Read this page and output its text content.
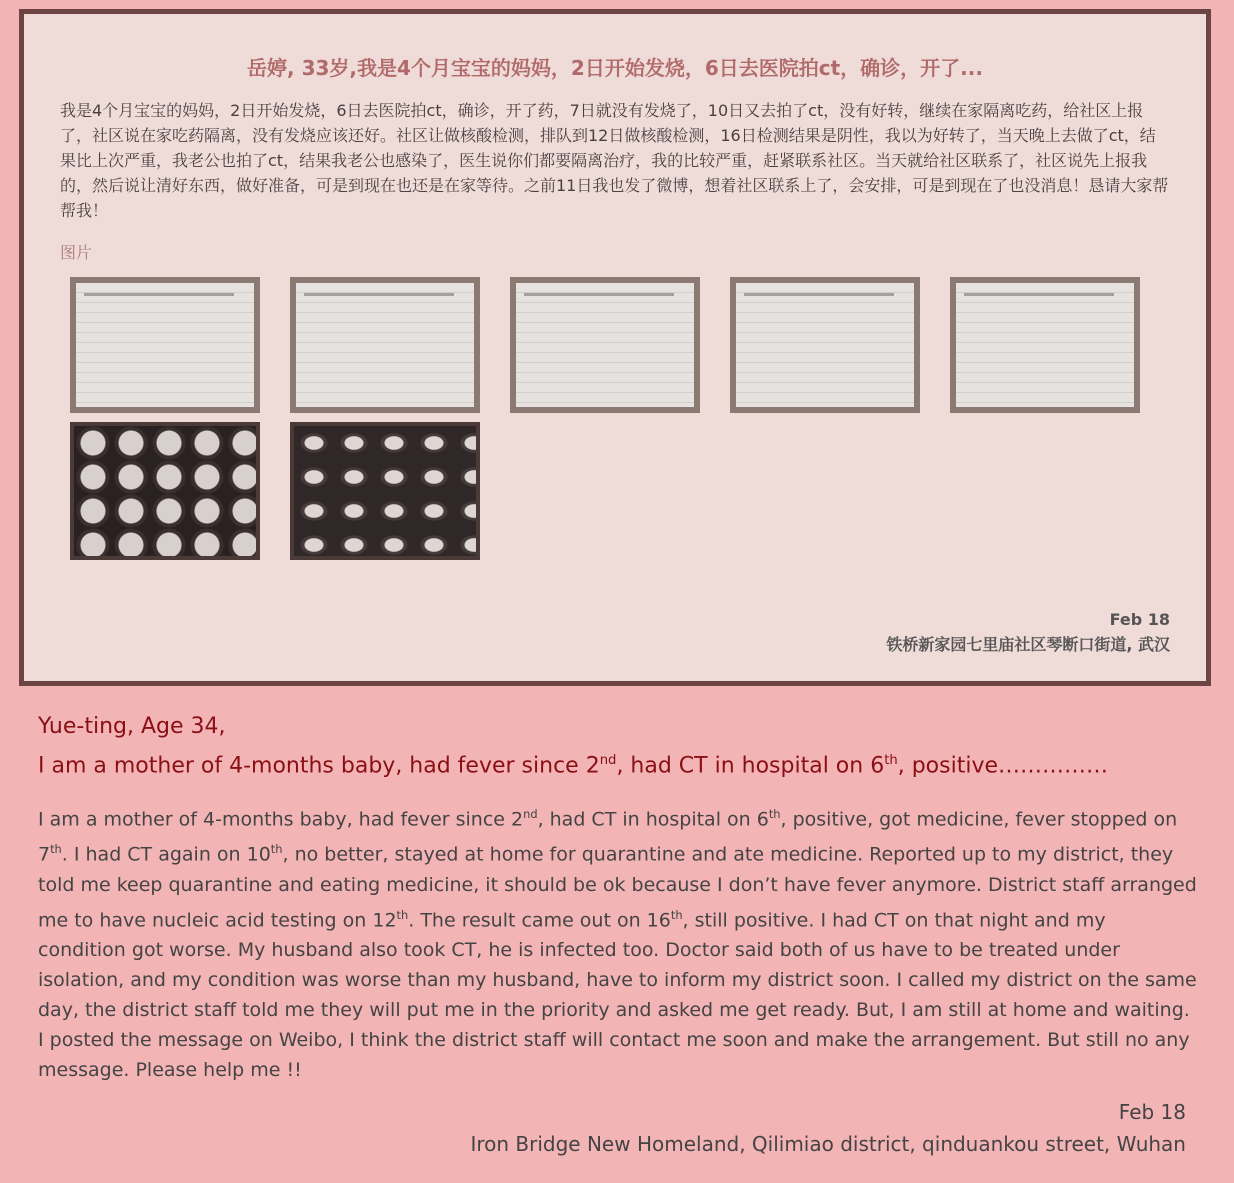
岳婷, 33岁,我是4个月宝宝的妈妈，2日开始发烧，6日去医院拍ct，确诊，开了...
我是4个月宝宝的妈妈，2日开始发烧，6日去医院拍ct，确诊，开了药，7日就没有发烧了，10日又去拍了ct，没有好转，继续在家隔离吃药，给社区上报了，社区说在家吃药隔离，没有发烧应该还好。社区让做核酸检测，排队到12日做核酸检测，16日检测结果是阴性，我以为好转了，当天晚上去做了ct，结果比上次严重，我老公也拍了ct，结果我老公也感染了，医生说你们都要隔离治疗，我的比较严重，赶紧联系社区。当天就给社区联系了，社区说先上报我的，然后说让清好东西，做好准备，可是到现在也还是在家等待。之前11日我也发了微博，想着社区联系上了，会安排，可是到现在了也没消息！恳请大家帮帮我！
图片
Feb 18
铁桥新家园七里庙社区琴断口街道, 武汉
Yue-ting, Age 34,
I am a mother of 4-months baby, had fever since 2nd, had CT in hospital on 6th, positive……………
I am a mother of 4-months baby, had fever since 2nd, had CT in hospital on 6th, positive, got medicine, fever stopped on 7th. I had CT again on 10th, no better, stayed at home for quarantine and ate medicine. Reported up to my district, they told me keep quarantine and eating medicine, it should be ok because I don’t have fever anymore. District staff arranged me to have nucleic acid testing on 12th. The result came out on 16th, still positive. I had CT on that night and my condition got worse. My husband also took CT, he is infected too. Doctor said both of us have to be treated under isolation, and my condition was worse than my husband, have to inform my district soon. I called my district on the same day, the district staff told me they will put me in the priority and asked me get ready. But, I am still at home and waiting. I posted the message on Weibo, I think the district staff will contact me soon and make the arrangement. But still no any message. Please help me !!
Feb 18
Iron Bridge New Homeland, Qilimiao district, qinduankou street, Wuhan
